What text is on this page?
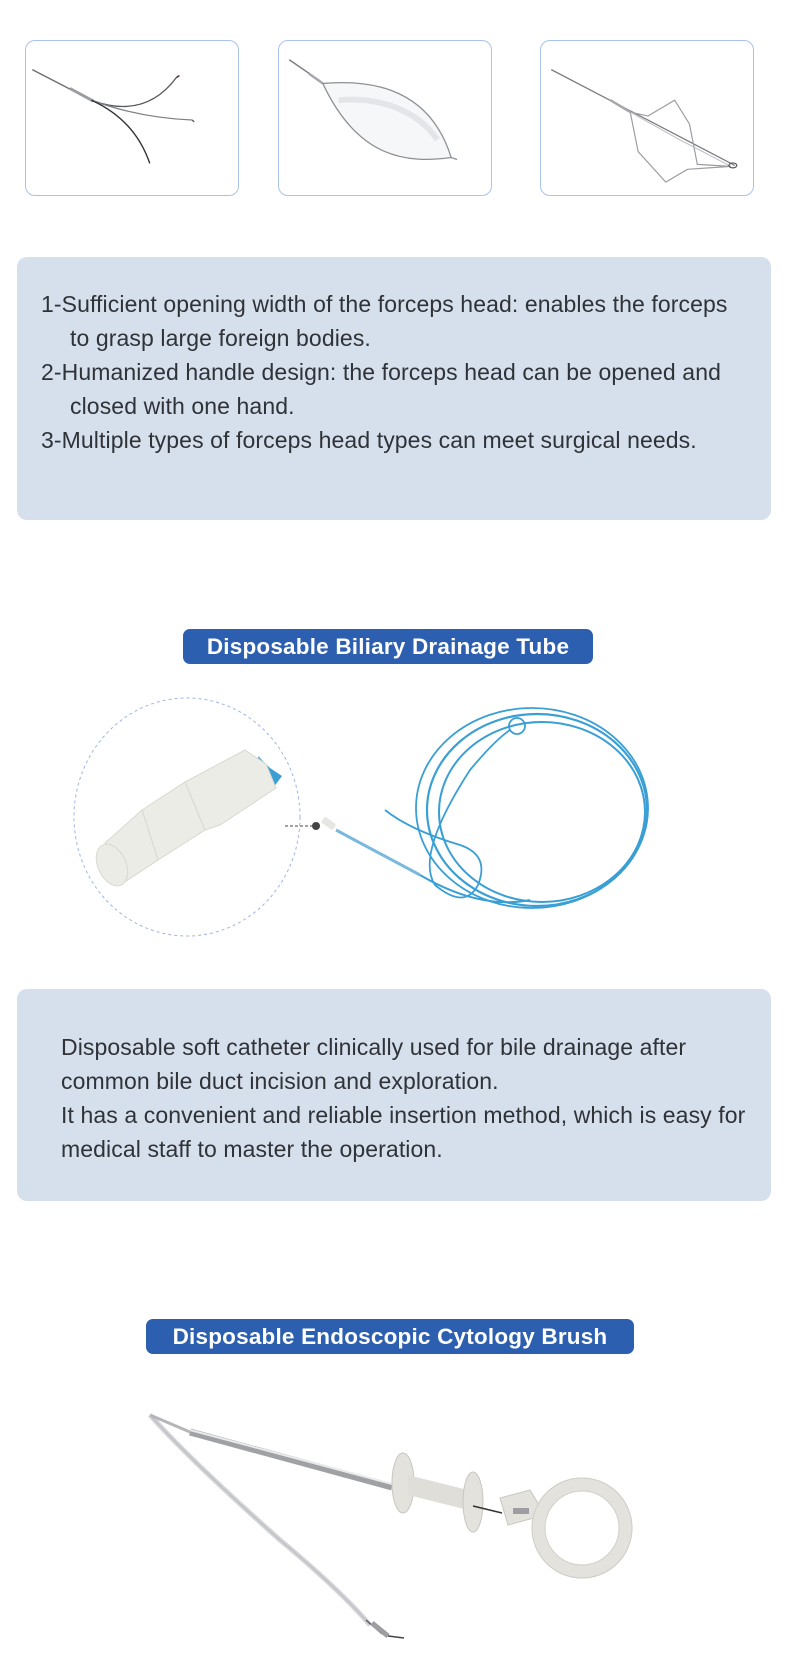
1-Sufficient opening width of the forceps head: enables the forceps to grasp large foreign bodies.

2-Humanized handle design: the forceps head can be opened and closed with one hand.

3-Multiple types of forceps head types can meet surgical needs.

Disposable Biliary Drainage Tube

Disposable soft catheter clinically used for bile drainage after common bile duct incision and exploration.

It has a convenient and reliable insertion method, which is easy for medical staff to master the operation.

Disposable Endoscopic Cytology Brush
